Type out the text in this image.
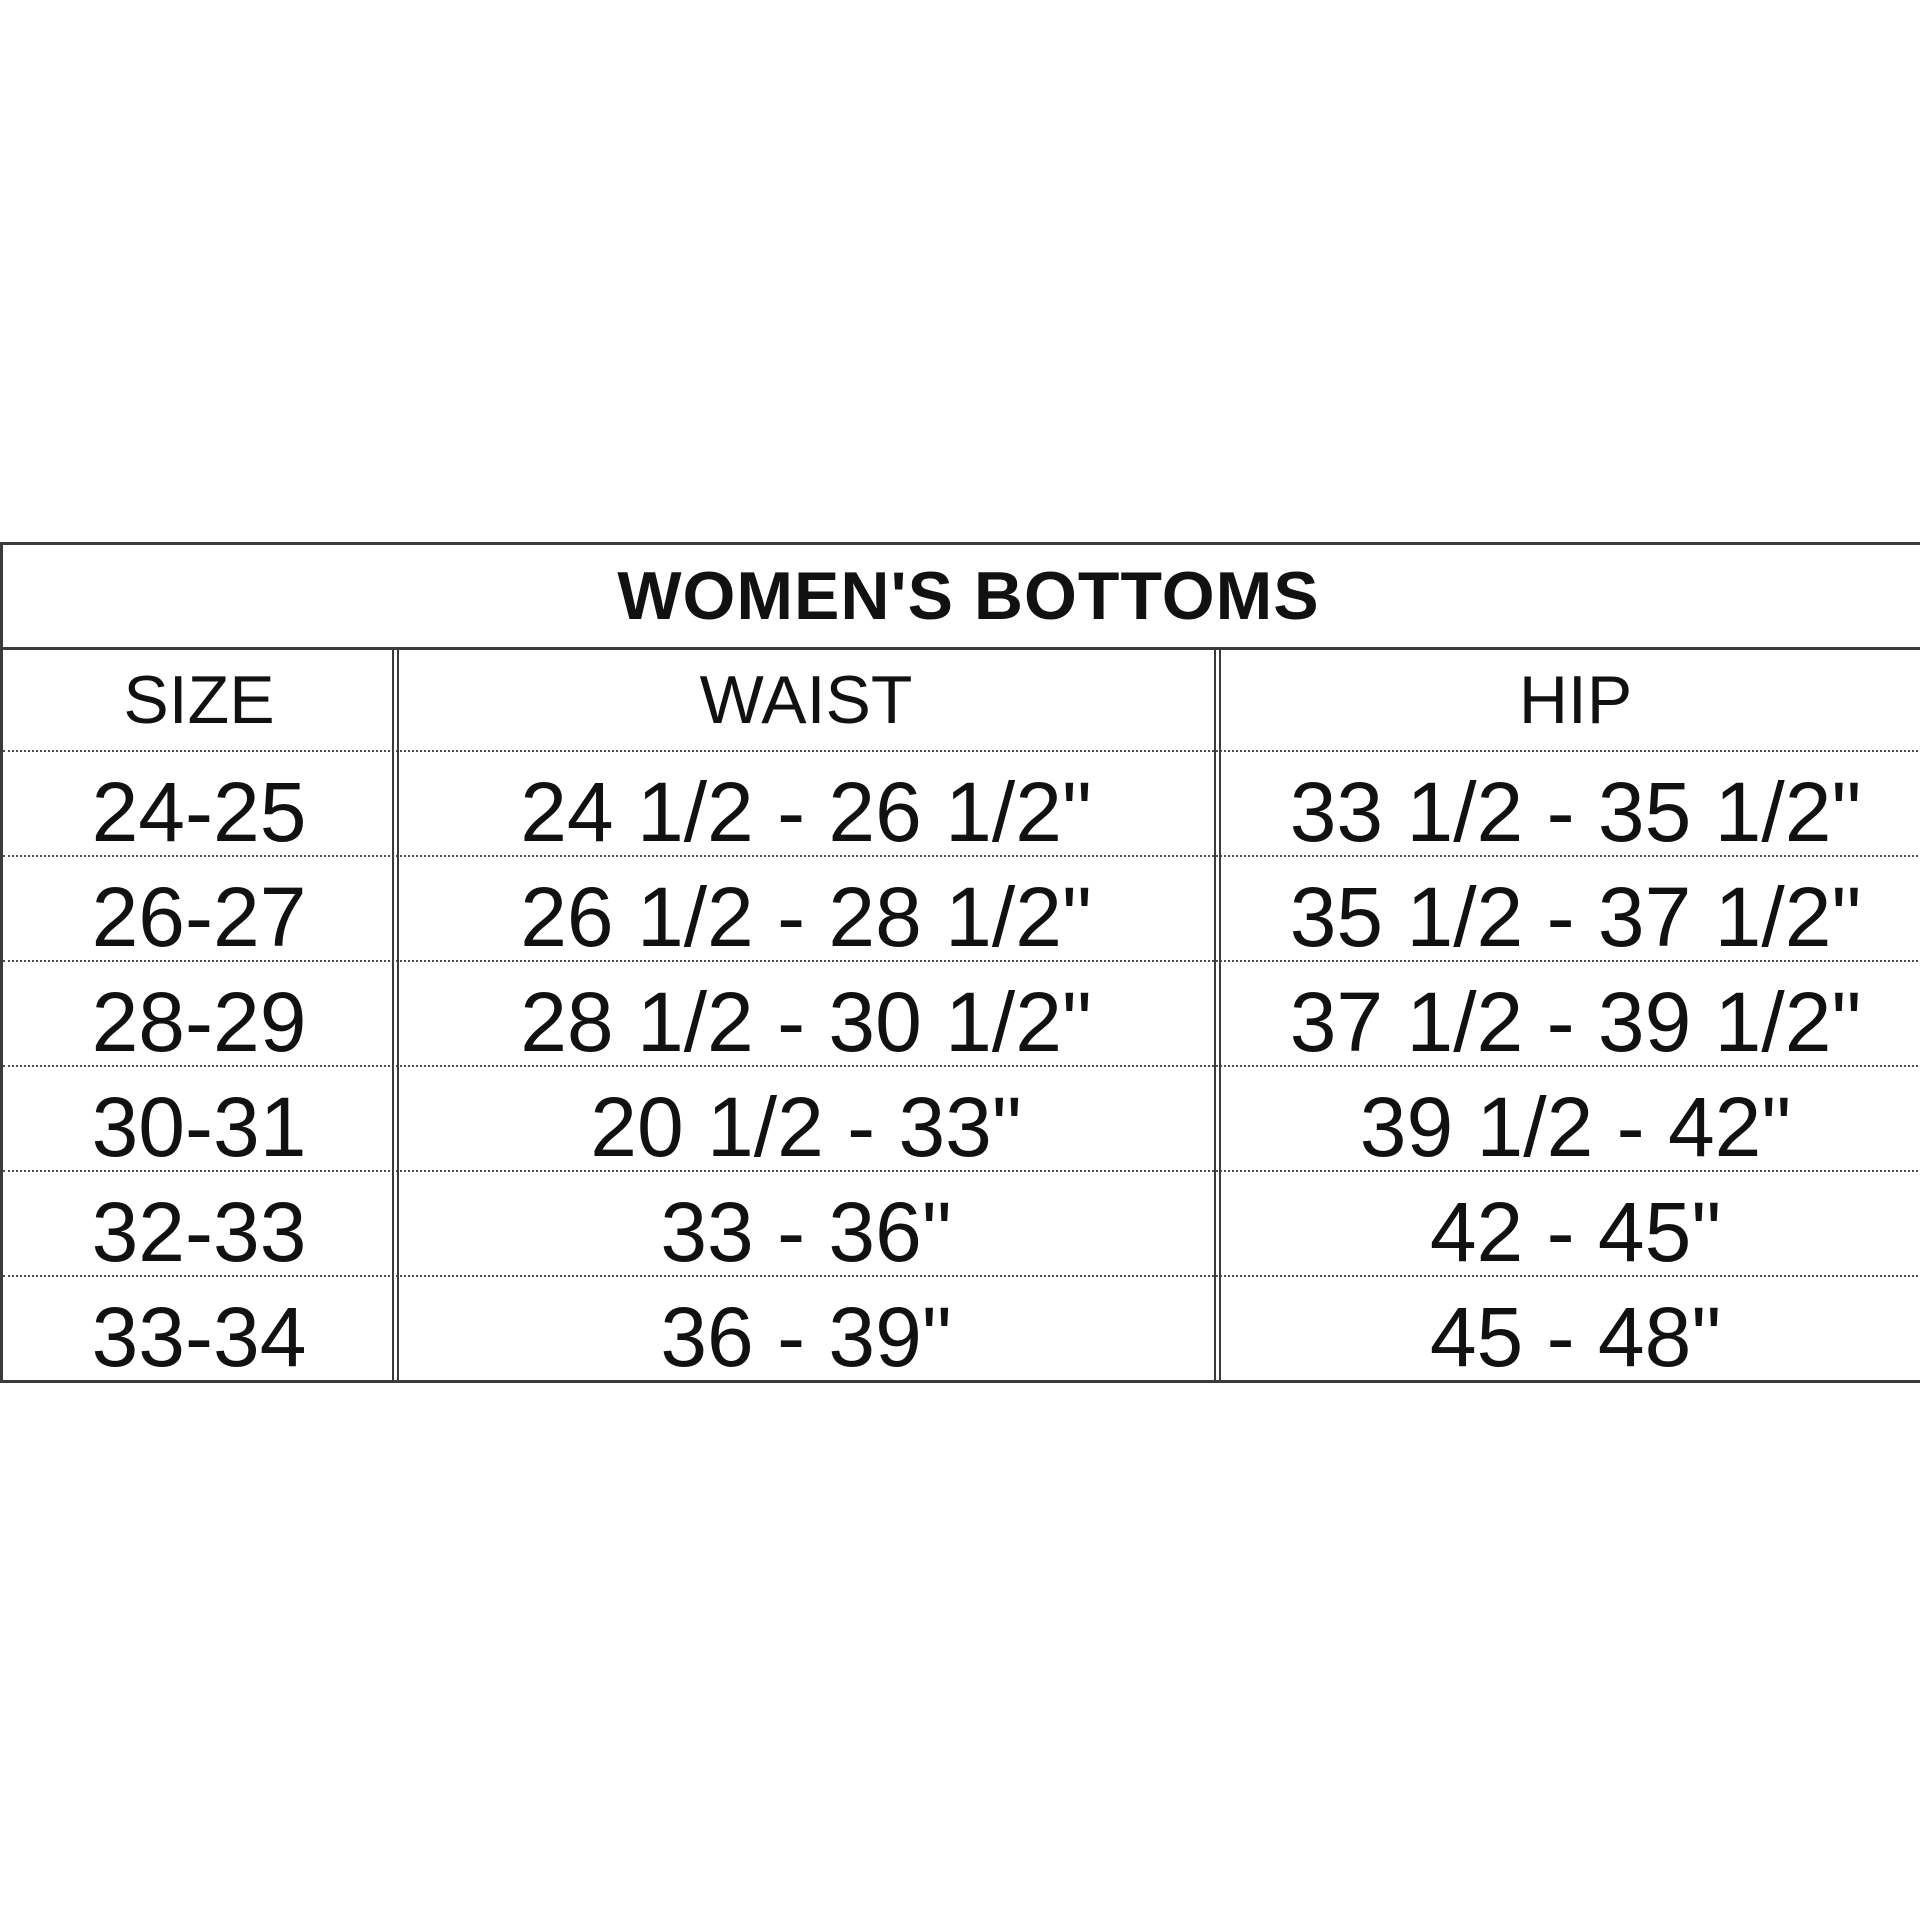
WOMEN'S BOTTOMS
SIZE	WAIST	HIP
24-25	24 1/2 - 26 1/2"	33 1/2 - 35 1/2"
26-27	26 1/2 - 28 1/2"	35 1/2 - 37 1/2"
28-29	28 1/2 - 30 1/2"	37 1/2 - 39 1/2"
30-31	20 1/2 - 33"	39 1/2 - 42"
32-33	33 - 36"	42 - 45"
33-34	36 - 39"	45 - 48"
